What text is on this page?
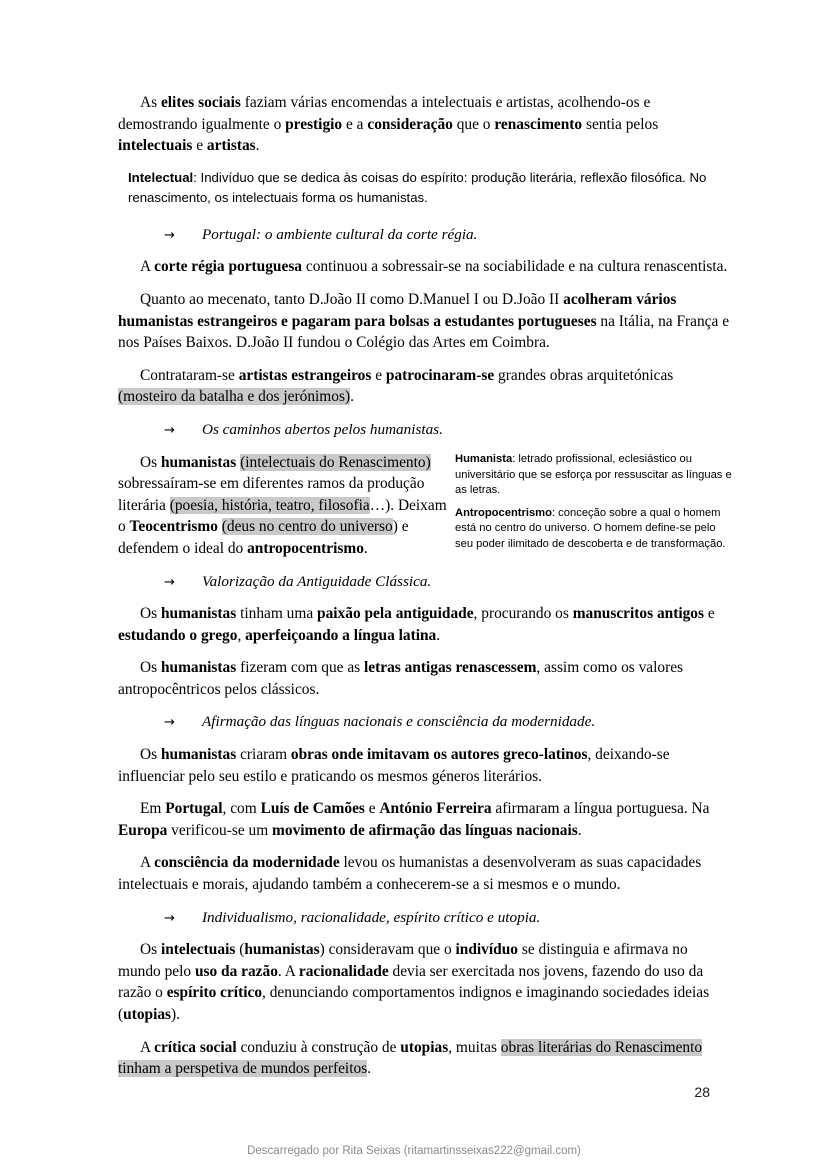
As elites sociais faziam várias encomendas a intelectuais e artistas, acolhendo-os e demostrando igualmente o prestigio e a consideração que o renascimento sentia pelos intelectuais e artistas.

Intelectual: Indivíduo que se dedica às coisas do espírito: produção literária, reflexão filosófica. No renascimento, os intelectuais forma os humanistas.

→ Portugal: o ambiente cultural da corte régia.

A corte régia portuguesa continuou a sobressair-se na sociabilidade e na cultura renascentista.

Quanto ao mecenato, tanto D.João II como D.Manuel I ou D.João II acolheram vários humanistas estrangeiros e pagaram para bolsas a estudantes portugueses na Itália, na França e nos Países Baixos. D.João II fundou o Colégio das Artes em Coimbra.

Contrataram-se artistas estrangeiros e patrocinaram-se grandes obras arquitetónicas (mosteiro da batalha e dos jerónimos).

→ Os caminhos abertos pelos humanistas.

Os humanistas (intelectuais do Renascimento) sobressaíram-se em diferentes ramos da produção literária (poesia, história, teatro, filosofia…). Deixam o Teocentrismo (deus no centro do universo) e defendem o ideal do antropocentrismo.

→ Valorização da Antiguidade Clássica.

Os humanistas tinham uma paixão pela antiguidade, procurando os manuscritos antigos e estudando o grego, aperfeiçoando a língua latina.

Os humanistas fizeram com que as letras antigas renascessem, assim como os valores antropocêntricos pelos clássicos.

→ Afirmação das línguas nacionais e consciência da modernidade.

Os humanistas criaram obras onde imitavam os autores greco-latinos, deixando-se influenciar pelo seu estilo e praticando os mesmos géneros literários.

Em Portugal, com Luís de Camões e António Ferreira afirmaram a língua portuguesa. Na Europa verificou-se um movimento de afirmação das línguas nacionais.

A consciência da modernidade levou os humanistas a desenvolveram as suas capacidades intelectuais e morais, ajudando também a conhecerem-se a si mesmos e o mundo.

→ Individualismo, racionalidade, espírito crítico e utopia.

Os intelectuais (humanistas) consideravam que o indivíduo se distinguia e afirmava no mundo pelo uso da razão. A racionalidade devia ser exercitada nos jovens, fazendo do uso da razão o espírito crítico, denunciando comportamentos indignos e imaginando sociedades ideias (utopias).

A crítica social conduziu à construção de utopias, muitas obras literárias do Renascimento tinham a perspetiva de mundos perfeitos.

Humanista: letrado profissional, eclesiástico ou universitário que se esforça por ressuscitar as línguas e as letras.

Antropocentrismo: conceção sobre a qual o homem está no centro do universo. O homem define-se pelo seu poder ilimitado de descoberta e de transformação.

28
Descarregado por Rita Seixas (ritamartinsseixas222@gmail.com)
